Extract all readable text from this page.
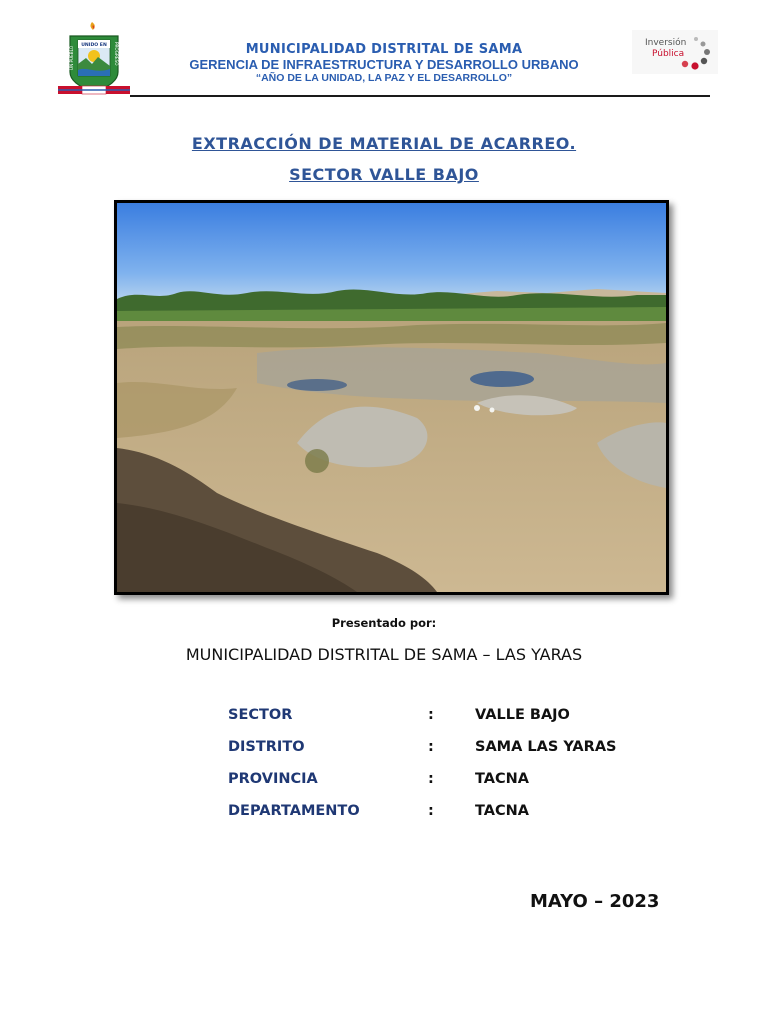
UNIDO EN
UN PUEBLO	PROGRESO	MUNICIPALIDAD DISTRITAL DE SAMA
GERENCIA DE INFRAESTRUCTURA Y DESARROLLO URBANO
“AÑO DE LA UNIDAD, LA PAZ Y EL DESARROLLO”
Inversión
Pública
EXTRACCIÓN DE MATERIAL DE ACARREO.
SECTOR VALLE BAJO
Presentado por:
MUNICIPALIDAD DISTRITAL DE SAMA – LAS YARAS
SECTOR	:	VALLE BAJO
DISTRITO	:	SAMA LAS YARAS
PROVINCIA	:	TACNA
DEPARTAMENTO	:	TACNA
MAYO – 2023
